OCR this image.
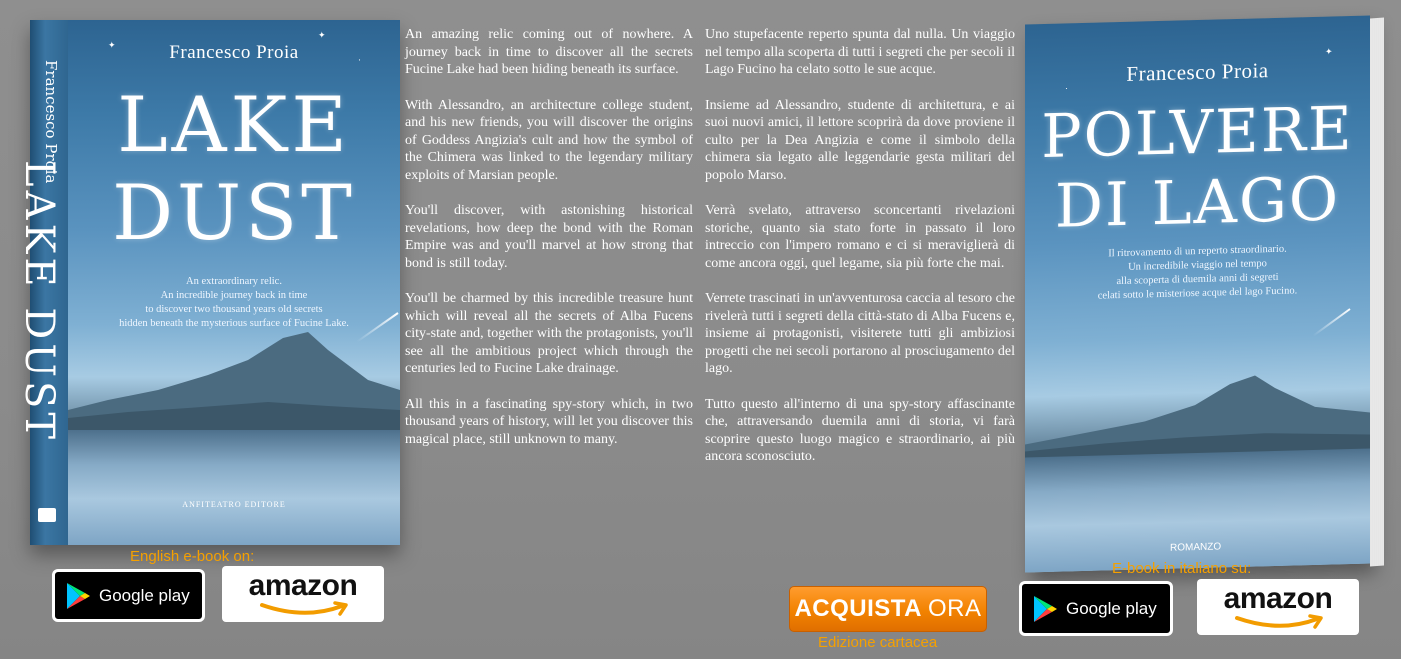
Francesco Proia
LAKE DUST
✦
·
✦
Francesco Proia
LAKE
DUST
An extraordinary relic.
An incredible journey back in time
to discover two thousand years old secrets
hidden beneath the mysterious surface of Fucine Lake.
ANFITEATRO EDITORE

An amazing relic coming out of nowhere. A journey back in time to discover all the secrets Fucine Lake had been hiding beneath its surface.

With Alessandro, an architecture college student, and his new friends, you will discover the origins of Goddess Angizia's cult and how the symbol of the Chimera was linked to the legendary military exploits of Marsian people.

You'll discover, with astonishing historical revelations, how deep the bond with the Roman Empire was and you'll marvel at how strong that bond is still today.

You'll be charmed by this incredible treasure hunt which will reveal all the secrets of Alba Fucens city-state and, together with the protagonists, you'll see all the ambitious project which through the centuries led to Fucine Lake drainage.

All this in a fascinating spy-story which, in two thousand years of history, will let you discover this magical place, still unknown to many.

Uno stupefacente reperto spunta dal nulla. Un viaggio nel tempo alla scoperta di tutti i segreti che per secoli il Lago Fucino ha celato sotto le sue acque.

Insieme ad Alessandro, studente di architettura, e ai suoi nuovi amici, il lettore scoprirà da dove proviene il culto per la Dea Angizia e come il simbolo della chimera sia legato alle leggendarie gesta militari del popolo Marso.

Verrà svelato, attraverso sconcertanti rivelazioni storiche, quanto sia stato forte in passato il loro intreccio con l'impero romano e ci si meraviglierà di come ancora oggi, quel legame, sia più forte che mai.

Verrete trascinati in un'avventurosa caccia al tesoro che rivelerà tutti i segreti della città-stato di Alba Fucens e, insieme ai protagonisti, visiterete tutti gli ambiziosi progetti che nei secoli portarono al prosciugamento del lago.

Tutto questo all'interno di una spy-story affascinante che, attraversando duemila anni di storia, vi farà scoprire questo luogo magico e straordinario, ai più ancora sconosciuto.

✦
·
Francesco Proia
POLVERE
DI LAGO
Il ritrovamento di un reperto straordinario.
Un incredibile viaggio nel tempo
alla scoperta di duemila anni di segreti
celati sotto le misteriose acque del lago Fucino.
ROMANZO
English e-book on:
Google play	amazon
ACQUISTA ORA
Edizione cartacea
E-book in italiano su:
Google play	amazon
